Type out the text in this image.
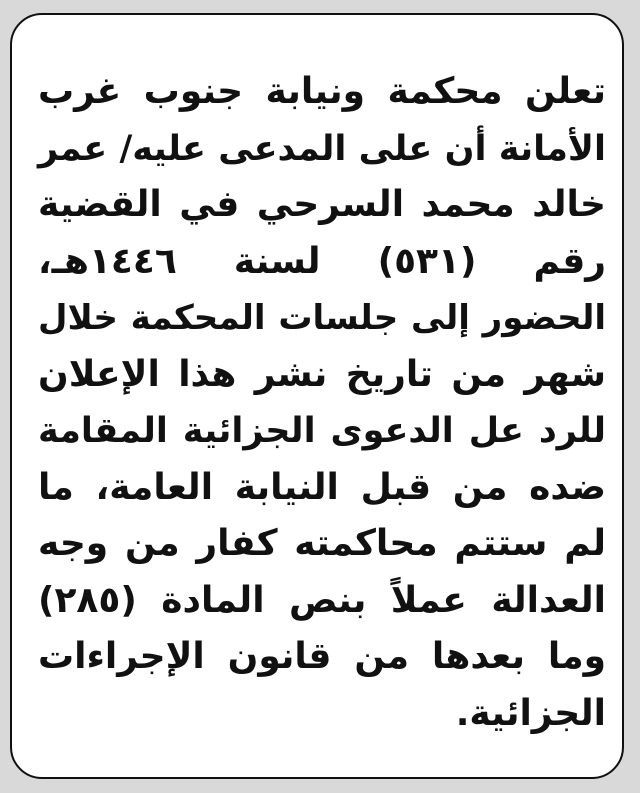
تعلن محكمة ونيابة جنوب غرب
الأمانة أن على المدعى عليه/ عمر
خالد محمد السرحي في القضية
رقم (٥٣١) لسنة ١٤٤٦هـ،
الحضور إلى جلسات المحكمة خلال
شهر من تاريخ نشر هذا الإعلان
للرد عل الدعوى الجزائية المقامة
ضده من قبل النيابة العامة، ما
لم ستتم محاكمته كفار من وجه
العدالة عملاً بنص المادة (٢٨٥)
وما بعدها من قانون الإجراءات
الجزائية.
